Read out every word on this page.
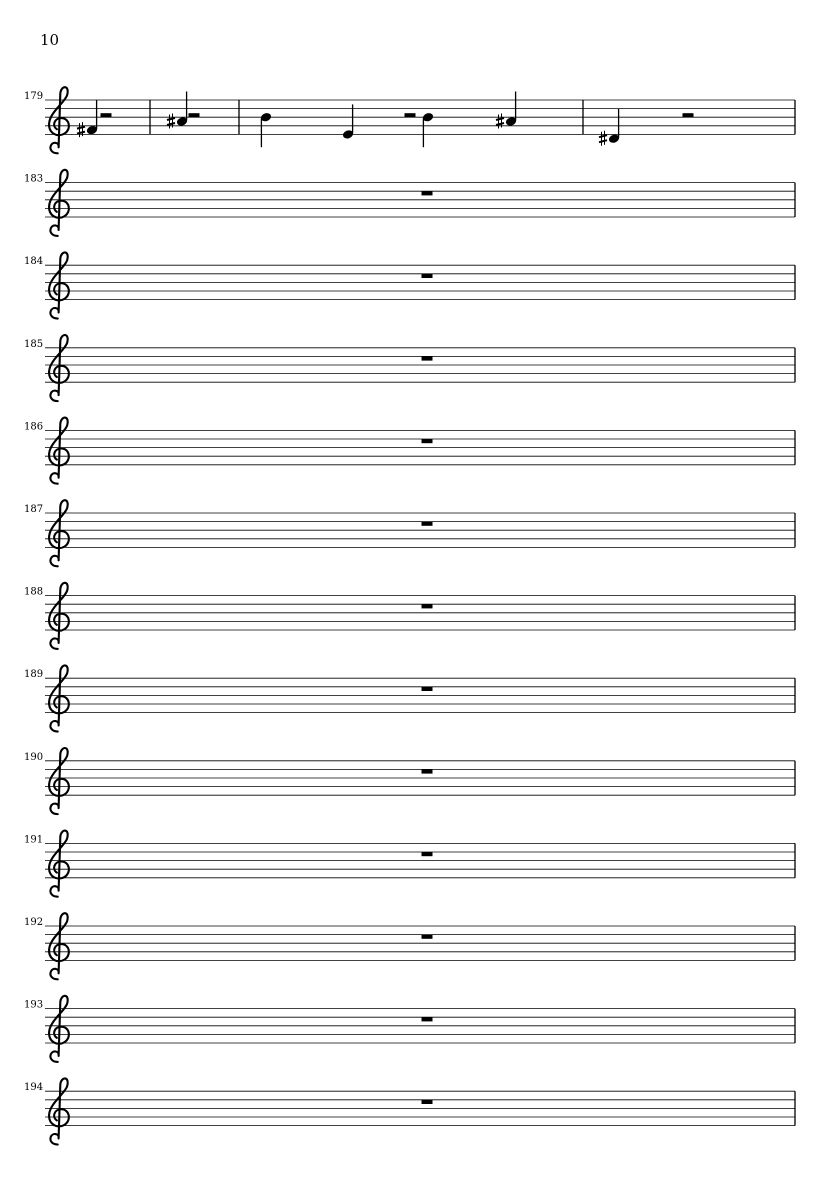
10
179
183
184
185
186
187
188
189
190
191
192
193
194
